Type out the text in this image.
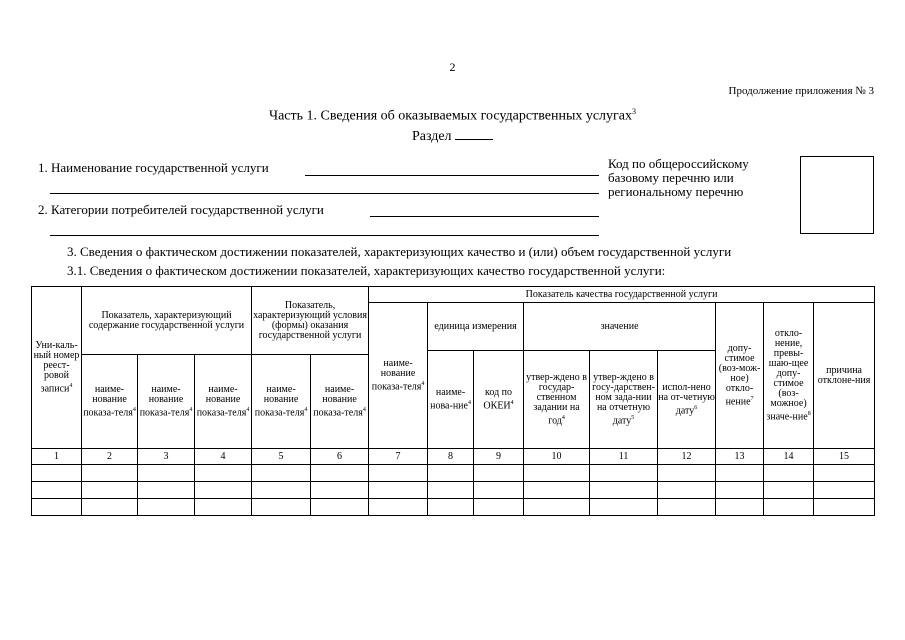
2
Продолжение приложения № 3
Часть 1. Сведения об оказываемых государственных услугах$^3$
Раздел
1. Наименование государственной услуги
2. Категории потребителей государственной услуги
Код по общероссийскому базовому перечню или региональному перечню
3. Сведения о фактическом достижении показателей, характеризующих качество и (или) объем государственной услуги
3.1. Сведения о фактическом достижении показателей, характеризующих качество государственной услуги:
Уни-каль-ный номер реест-ровой записи$^4$	Показатель, характеризующий содержание государственной услуги			Показатель, характеризующий условия (формы) оказания государственной услуги		Показатель качества государственной услуги								
						наиме-нование показа-теля$^4$	единица измерения		значение			допу-стимое (воз-мож-ное) откло-нение$^7$	откло-нение, превы-шаю-щее допу-стимое (воз-можное) значе-ние$^8$	причина отклоне-ния
							наиме-нова-ние$^4$	код по ОКЕИ$^4$	утвер-ждено в государ-ственном задании на год$^4$	утвер-ждено в госу-дарствен-ном зада-нии на отчетную дату$^5$	испол-нено на от-четную дату$^6$
	наиме-нование показа-теля$^4$	наиме-нование показа-теля$^4$	наиме-нование показа-теля$^4$	наиме-нование показа-теля$^4$	наиме-нование показа-теля$^4$
1	2	3	4	5	6	7	8	9	10	11	12	13	14	15
